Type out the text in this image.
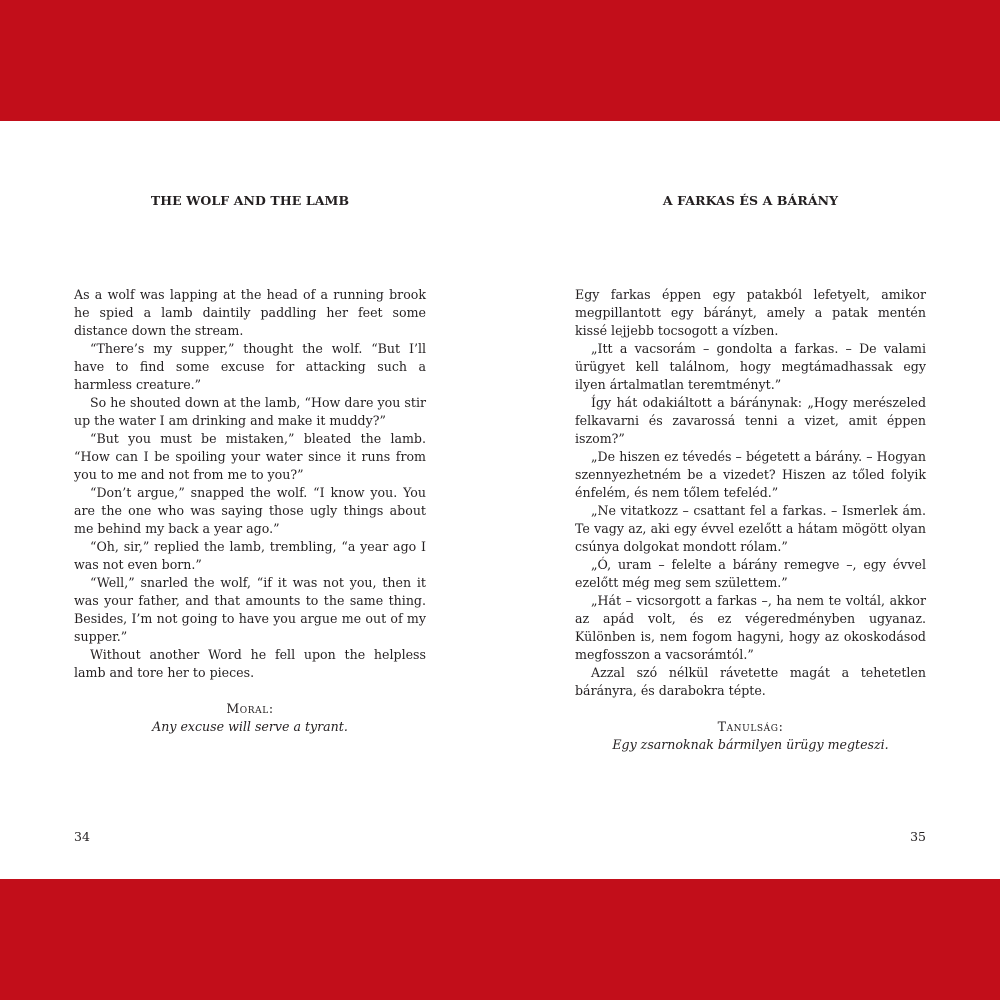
THE WOLF AND THE LAMB

As a wolf was lapping at the head of a running brook he spied a lamb daintily paddling her feet some distance down the stream.

“There’s my supper,” thought the wolf. “But I’ll have to find some excuse for attacking such a harmless creature.”

So he shouted down at the lamb, “How dare you stir up the water I am drinking and make it muddy?”

“But you must be mistaken,” bleated the lamb. “How can I be spoiling your water since it runs from you to me and not from me to you?”

“Don’t argue,” snapped the wolf. “I know you. You are the one who was saying those ugly things about me behind my back a year ago.”

“Oh, sir,” replied the lamb, trembling, “a year ago I was not even born.”

“Well,” snarled the wolf, “if it was not you, then it was your father, and that amounts to the same thing. Besides, I’m not going to have you argue me out of my supper.”

Without another Word he fell upon the helpless lamb and tore her to pieces.

Moral:
Any excuse will serve a tyrant.
34
A FARKAS ÉS A BÁRÁNY

Egy farkas éppen egy patakból lefetyelt, amikor megpillantott egy bárányt, amely a patak mentén kissé lejjebb tocsogott a vízben.

„Itt a vacsorám – gondolta a farkas. – De valami ürügyet kell találnom, hogy megtámadhassak egy ilyen ártalmatlan teremtményt.”

Így hát odakiáltott a báránynak: „Hogy merészeled felkavarni és zavarossá tenni a vizet, amit éppen iszom?”

„De hiszen ez tévedés – bégetett a bárány. – Hogyan szennyezhetném be a vizedet? Hiszen az tőled folyik énfelém, és nem tőlem tefeléd.”

„Ne vitatkozz – csattant fel a farkas. – Ismerlek ám. Te vagy az, aki egy évvel ezelőtt a hátam mögött olyan csúnya dolgokat mondott rólam.”

„Ó, uram – felelte a bárány remegve –, egy évvel ezelőtt még meg sem születtem.”

„Hát – vicsorgott a farkas –, ha nem te voltál, akkor az apád volt, és ez végeredményben ugyanaz. Különben is, nem fogom hagyni, hogy az okoskodásod megfosszon a vacsorámtól.”

Azzal szó nélkül rávetette magát a tehetetlen bárányra, és darabokra tépte.

Tanulság:
Egy zsarnoknak bármilyen ürügy megteszi.
35
